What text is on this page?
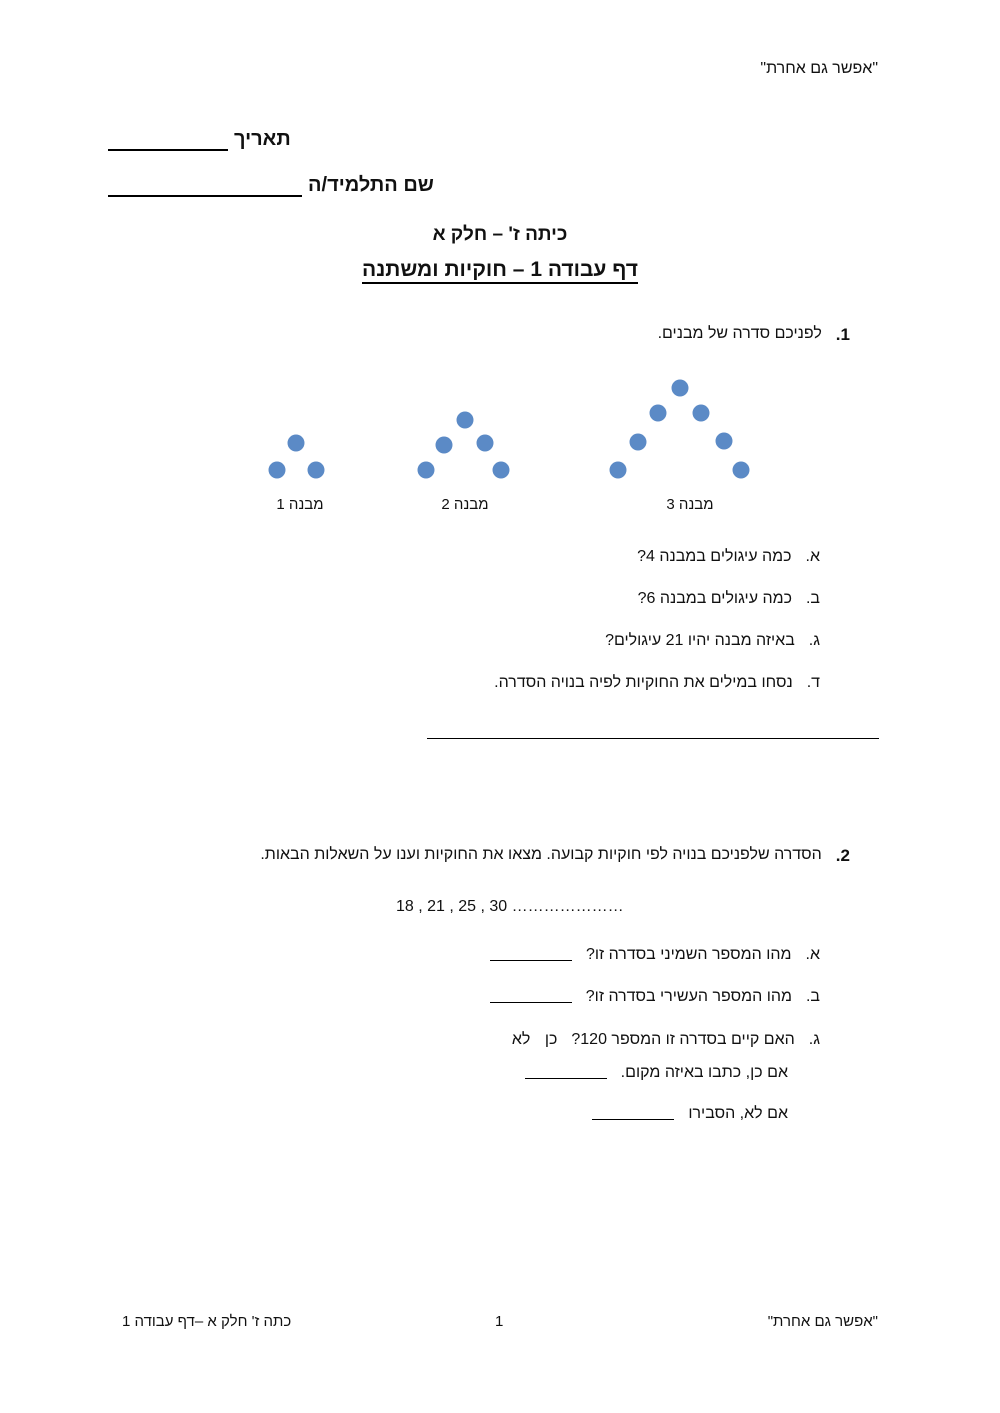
"אפשר גם אחרת"
תאריך
שם התלמיד/ה
כיתה ז' – חלק א
דף עבודה 1 – חוקיות ומשתנה
1.
לפניכם סדרה של מבנים.
מבנה 1	מבנה 2	מבנה 3
א.
כמה עיגולים במבנה 4?
ב.
כמה עיגולים במבנה 6?
ג.
באיזה מבנה יהיו 21 עיגולים?
ד.
נסחו במילים את החוקיות לפיה בנויה הסדרה.
2.
הסדרה שלפניכם בנויה לפי חוקיות קבועה. מצאו את החוקיות וענו על השאלות הבאות.
18 , 21 , 25 , 30 …………………
א.
מהו המספר השמיני בסדרה זו?
ב.
מהו המספר העשירי בסדרה זו?
ג.
האם קיים בסדרה זו המספר 120?
כן לא
אם כן, כתבו באיזה מקום.
אם לא, הסבירו
כתה ז' חלק א –דף עבודה 1	1	"אפשר גם אחרת"
